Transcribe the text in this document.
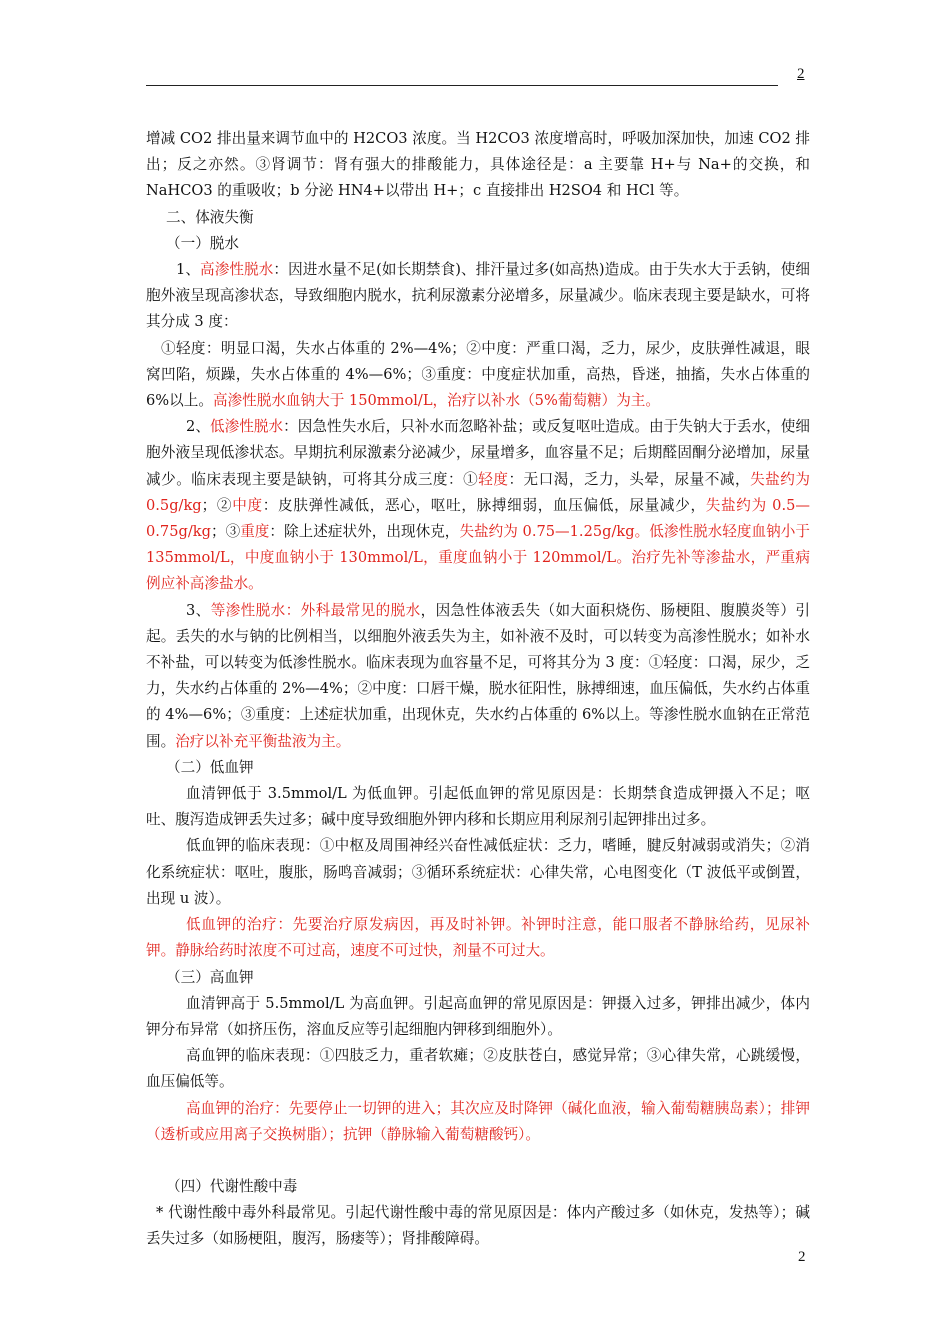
2

增减 CO2 排出量来调节血中的 H2CO3 浓度。当 H2CO3 浓度增高时，呼吸加深加快，加速 CO2 排出；反之亦然。③肾调节：肾有强大的排酸能力，具体途径是：a 主要靠 H+与 Na+的交换，和 NaHCO3 的重吸收；b 分泌 HN4+以带出 H+；c 直接排出 H2SO4 和 HCl 等。

二、体液失衡

（一）脱水

1、高渗性脱水：因进水量不足(如长期禁食)、排汗量过多(如高热)造成。由于失水大于丢钠，使细胞外液呈现高渗状态，导致细胞内脱水，抗利尿激素分泌增多，尿量减少。临床表现主要是缺水，可将其分成 3 度：

①轻度：明显口渴，失水占体重的 2%—4%；②中度：严重口渴，乏力，尿少，皮肤弹性减退，眼窝凹陷，烦躁，失水占体重的 4%—6%；③重度：中度症状加重，高热，昏迷，抽搐，失水占体重的 6%以上。高渗性脱水血钠大于 150mmol/L，治疗以补水（5%葡萄糖）为主。

2、低渗性脱水：因急性失水后，只补水而忽略补盐；或反复呕吐造成。由于失钠大于丢水，使细胞外液呈现低渗状态。早期抗利尿激素分泌减少，尿量增多，血容量不足；后期醛固酮分泌增加，尿量减少。临床表现主要是缺钠，可将其分成三度：①轻度：无口渴，乏力，头晕，尿量不减，失盐约为 0.5g/kg；②中度：皮肤弹性减低，恶心，呕吐，脉搏细弱，血压偏低，尿量减少，失盐约为 0.5—0.75g/kg；③重度：除上述症状外，出现休克，失盐约为 0.75—1.25g/kg。低渗性脱水轻度血钠小于 135mmol/L，中度血钠小于 130mmol/L，重度血钠小于 120mmol/L。治疗先补等渗盐水，严重病例应补高渗盐水。

3、等渗性脱水：外科最常见的脱水，因急性体液丢失（如大面积烧伤、肠梗阻、腹膜炎等）引起。丢失的水与钠的比例相当，以细胞外液丢失为主，如补液不及时，可以转变为高渗性脱水；如补水不补盐，可以转变为低渗性脱水。临床表现为血容量不足，可将其分为 3 度：①轻度：口渴，尿少，乏力，失水约占体重的 2%—4%；②中度：口唇干燥，脱水征阳性，脉搏细速，血压偏低，失水约占体重的 4%—6%；③重度：上述症状加重，出现休克，失水约占体重的 6%以上。等渗性脱水血钠在正常范围。治疗以补充平衡盐液为主。

（二）低血钾

血清钾低于 3.5mmol/L 为低血钾。引起低血钾的常见原因是：长期禁食造成钾摄入不足；呕吐、腹泻造成钾丢失过多；碱中度导致细胞外钾内移和长期应用利尿剂引起钾排出过多。

低血钾的临床表现：①中枢及周围神经兴奋性减低症状：乏力，嗜睡，腱反射减弱或消失；②消化系统症状：呕吐，腹胀，肠鸣音减弱；③循环系统症状：心律失常，心电图变化（T 波低平或倒置，出现 u 波）。

低血钾的治疗：先要治疗原发病因，再及时补钾。补钾时注意，能口服者不静脉给药，见尿补钾。静脉给药时浓度不可过高，速度不可过快，剂量不可过大。

（三）高血钾

血清钾高于 5.5mmol/L 为高血钾。引起高血钾的常见原因是：钾摄入过多，钾排出减少，体内钾分布异常（如挤压伤，溶血反应等引起细胞内钾移到细胞外）。

高血钾的临床表现：①四肢乏力，重者软瘫；②皮肤苍白，感觉异常；③心律失常，心跳缓慢，血压偏低等。

高血钾的治疗：先要停止一切钾的进入；其次应及时降钾（碱化血液，输入葡萄糖胰岛素）；排钾（透析或应用离子交换树脂）；抗钾（静脉输入葡萄糖酸钙）。

（四）代谢性酸中毒

* 代谢性酸中毒外科最常见。引起代谢性酸中毒的常见原因是：体内产酸过多（如休克，发热等）；碱丢失过多（如肠梗阻，腹泻，肠瘘等）；肾排酸障碍。

2
